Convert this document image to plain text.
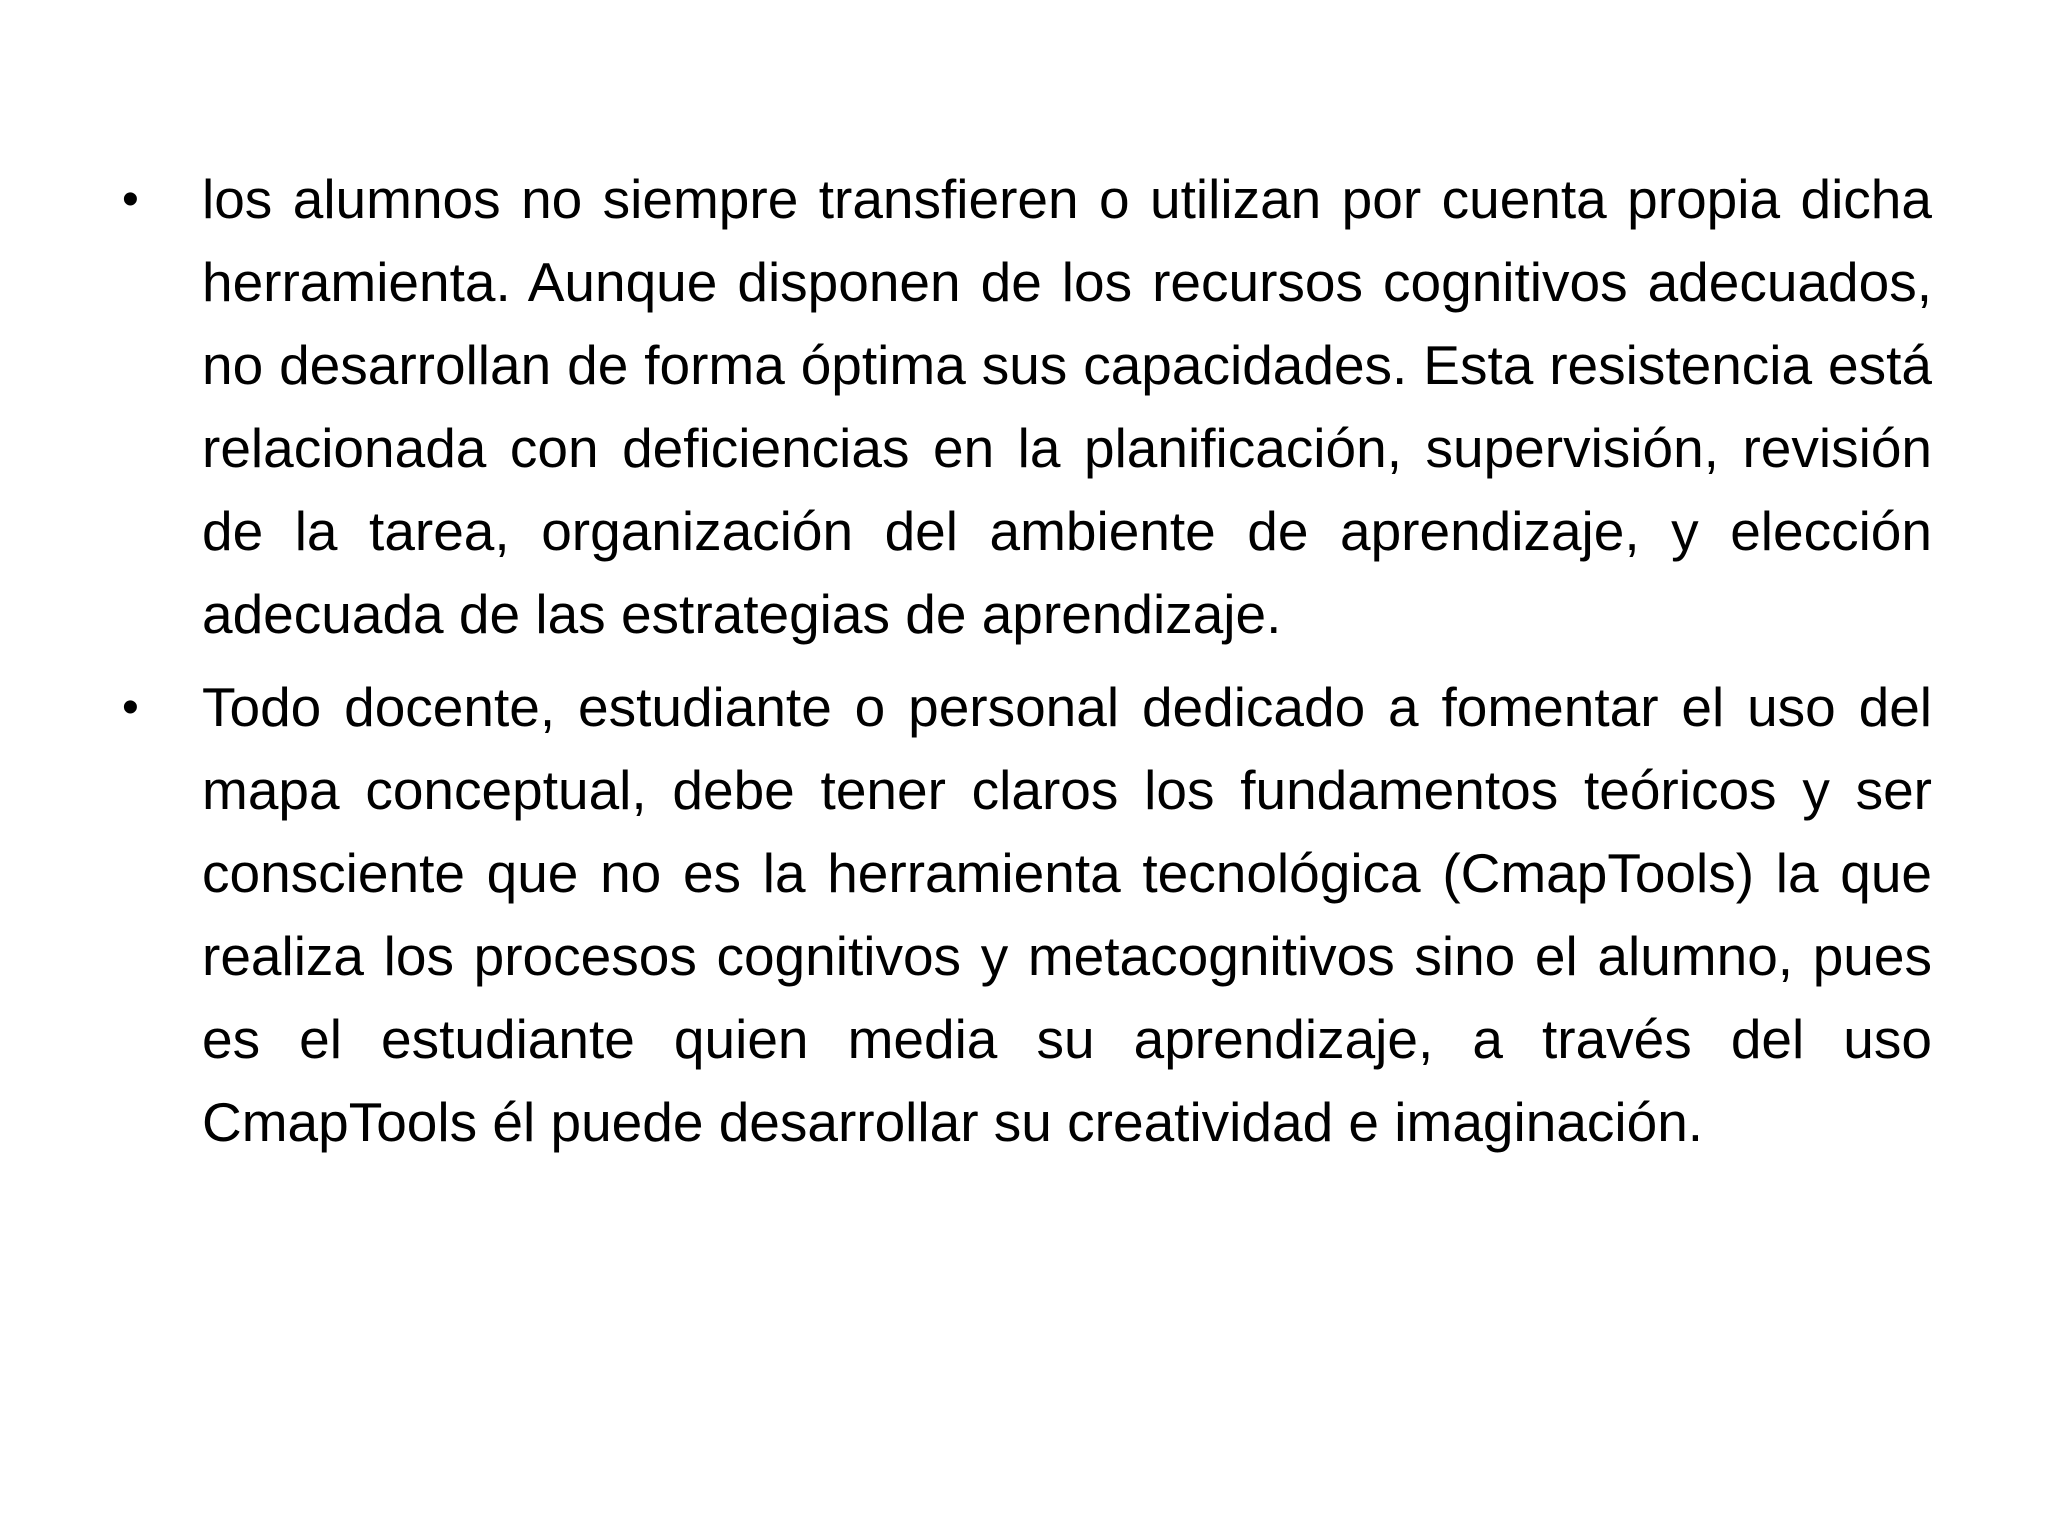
•	los alumnos no siempre transfieren o utilizan por cuenta propia dicha herramienta. Aunque disponen de los recursos cognitivos adecuados, no desarrollan de forma óptima sus capacidades. Esta resistencia está relacionada con deficiencias en la planificación, supervisión, revisión de la tarea, organización del ambiente de aprendizaje, y elección adecuada de las estrategias de aprendizaje.
•	Todo docente, estudiante o personal dedicado a fomentar el uso del mapa conceptual, debe tener claros los fundamentos teóricos y ser consciente que no es la herramienta tecnológica (CmapTools) la que realiza los procesos cognitivos y metacognitivos sino el alumno, pues es el estudiante quien media su aprendizaje, a través del uso CmapTools él puede desarrollar su creatividad e imaginación.
